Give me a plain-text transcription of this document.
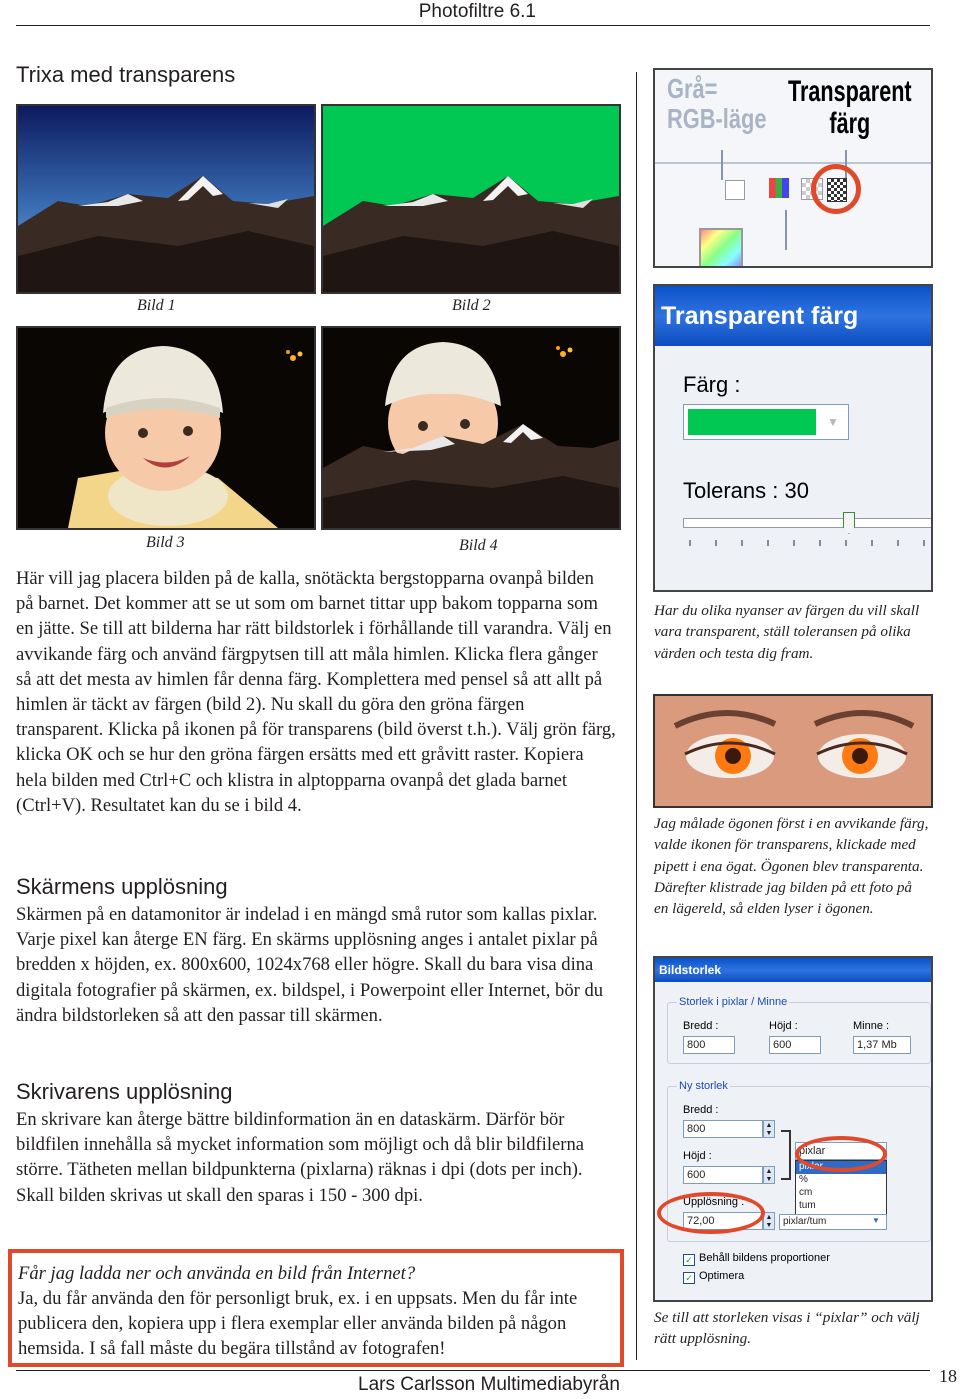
Photofiltre 6.1
Trixa med transparens
Bild 1	Bild 2
Bild 3	Bild 4
Här vill jag placera bilden på de kalla, snötäckta bergstopparna ovanpå bilden på barnet. Det kommer att se ut som om barnet tittar upp bakom topparna som en jätte. Se till att bilderna har rätt bildstorlek i förhållande till varandra. Välj en avvikande färg och använd färgpytsen till att måla himlen. Klicka flera gånger så att det mesta av himlen får denna färg. Komplettera med pensel så att allt på himlen är täckt av färgen (bild 2). Nu skall du göra den gröna färgen transparent. Klicka på ikonen på för transparens (bild överst t.h.). Välj grön färg, klicka OK och se hur den gröna färgen ersätts med ett gråvitt raster. Kopiera hela bilden med Ctrl+C och klistra in alptopparna ovanpå det glada barnet (Ctrl+V). Resultatet kan du se i bild 4.
Skärmens upplösning
Skärmen på en datamonitor är indelad i en mängd små rutor som kallas pixlar. Varje pixel kan återge EN färg. En skärms upplösning anges i antalet pixlar på bredden x höjden, ex. 800x600, 1024x768 eller högre. Skall du bara visa dina digitala fotografier på skärmen, ex. bildspel, i Powerpoint eller Internet, bör du ändra bildstorleken så att den passar till skärmen.
Skrivarens upplösning
En skrivare kan återge bättre bildinformation än en dataskärm. Därför bör bildfilen innehålla så mycket information som möjligt och då blir bildfilerna större. Tätheten mellan bildpunkterna (pixlarna) räknas i dpi (dots per inch). Skall bilden skrivas ut skall den sparas i 150 - 300 dpi.
Får jag ladda ner och använda en bild från Internet?
Ja, du får använda den för personligt bruk, ex. i en uppsats. Men du får inte publicera den, kopiera upp i flera exemplar eller använda bilden på någon hemsida. I så fall måste du begära tillstånd av fotografen!
Grå=
RGB-läge
Transparent
färg
Transparent färg
Färg :
▼
Tolerans : 30
Har du olika nyanser av färgen du vill skall vara transparent, ställ toleransen på olika värden och testa dig fram.
Jag målade ögonen först i en avvikande färg, valde ikonen för transparens, klickade med pipett i ena ögat. Ögonen blev transparenta. Därefter klistrade jag bilden på ett foto på en lägereld, så elden lyser i ögonen.
Bildstorlek
Storlek i pixlar / Minne
Bredd :	Höjd :	Minne :
800	600	1,37 Mb
Ny storlek
Bredd :
800	▲
▼
Höjd :
600	▲
▼
Upplösning :
72,00	▲
▼
pixlar
pixlar
%
cm
tum
pixlar/tum	▼
✓ Behåll bildens proportioner
✓ Optimera
Se till att storleken visas i “pixlar” och välj rätt upplösning.
Lars Carlsson Multimediabyrån	18
